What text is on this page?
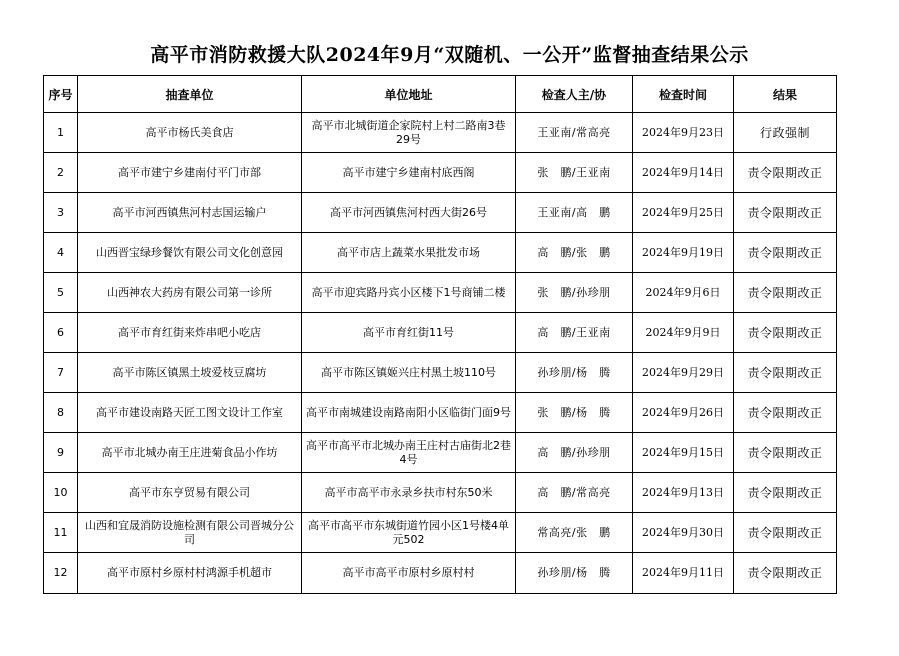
高平市消防救援大队2024年9月“双随机、一公开”监督抽查结果公示
序号	抽查单位	单位地址	检查人主/协	检查时间	结果
1	高平市杨氏美食店	高平市北城街道企家院村上村二路南3巷29号	王亚南/常高亮	2024年9月23日	行政强制
2	高平市建宁乡建南付平门市部	高平市建宁乡建南村底西阁	张　鹏/王亚南	2024年9月14日	责令限期改正
3	高平市河西镇焦河村志国运输户	高平市河西镇焦河村西大街26号	王亚南/高　鹏	2024年9月25日	责令限期改正
4	山西晋宝绿珍餐饮有限公司文化创意园	高平市店上蔬菜水果批发市场	高　鹏/张　鹏	2024年9月19日	责令限期改正
5	山西神农大药房有限公司第一诊所	高平市迎宾路丹宾小区楼下1号商铺二楼	张　鹏/孙珍朋	2024年9月6日	责令限期改正
6	高平市育红街来炸串吧小吃店	高平市育红街11号	高　鹏/王亚南	2024年9月9日	责令限期改正
7	高平市陈区镇黑土坡爱枝豆腐坊	高平市陈区镇姬兴庄村黑土坡110号	孙珍朋/杨　腾	2024年9月29日	责令限期改正
8	高平市建设南路天匠工图文设计工作室	高平市南城建设南路南阳小区临街门面9号	张　鹏/杨　腾	2024年9月26日	责令限期改正
9	高平市北城办南王庄进菊食品小作坊	高平市高平市北城办南王庄村古庙街北2巷4号	高　鹏/孙珍朋	2024年9月15日	责令限期改正
10	高平市东亨贸易有限公司	高平市高平市永录乡扶市村东50米	高　鹏/常高亮	2024年9月13日	责令限期改正
11	山西和宜晟消防设施检测有限公司晋城分公司	高平市高平市东城街道竹园小区1号楼4单元502	常高亮/张　鹏	2024年9月30日	责令限期改正
12	高平市原村乡原村村鸿源手机超市	高平市高平市原村乡原村村	孙珍朋/杨　腾	2024年9月11日	责令限期改正
